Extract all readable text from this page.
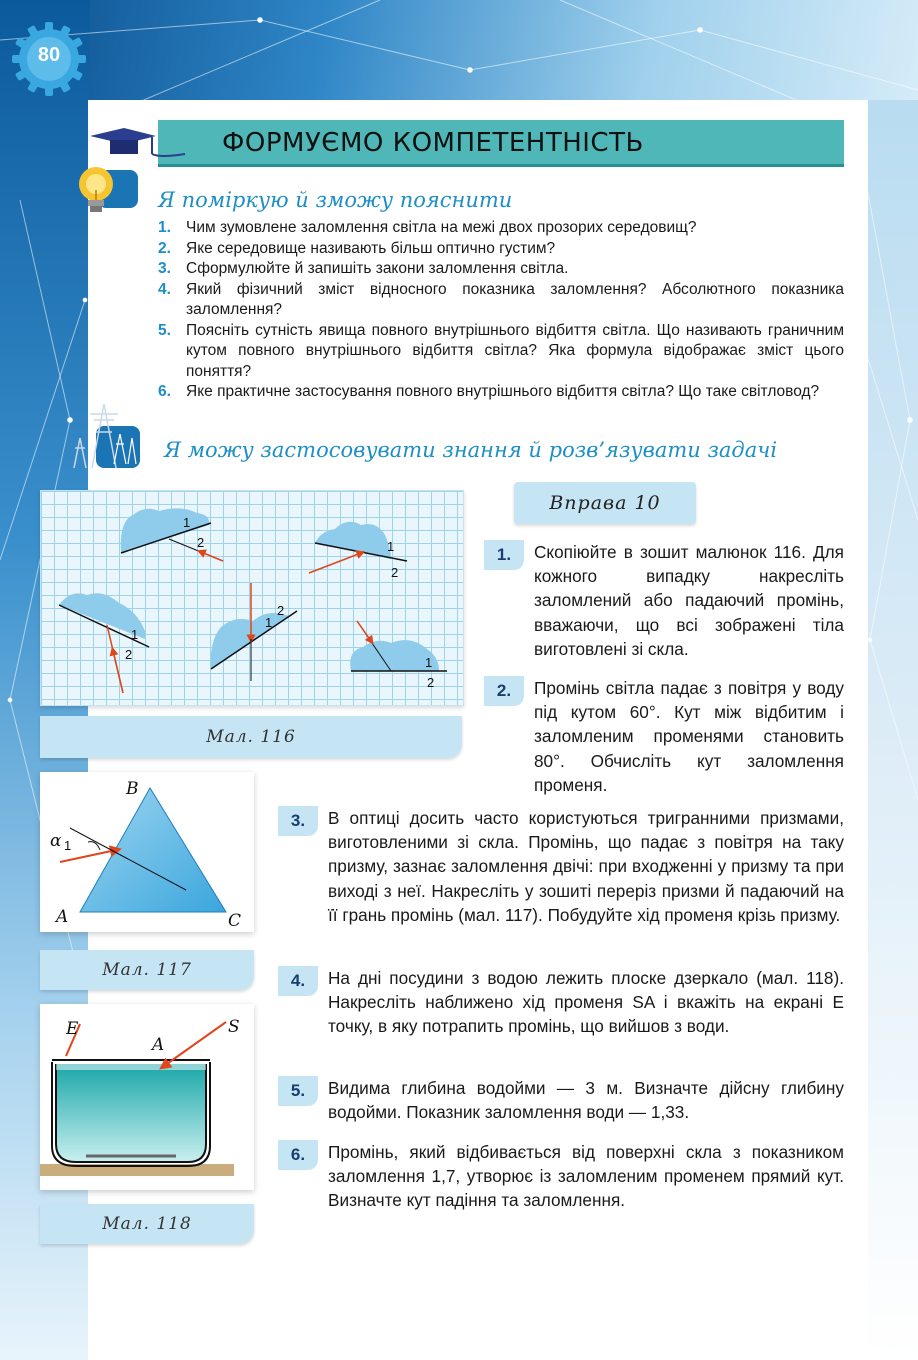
80
ФОРМУЄМО КОМПЕТЕНТНІСТЬ
Я поміркую й зможу пояснити
1. Чим зумовлене заломлення світла на межі двох прозорих середовищ?
2. Яке середовище називають більш оптично густим?
3. Сформулюйте й запишіть закони заломлення світла.
4. Який фізичний зміст відносного показника заломлення? Абсолютного показника заломлення?
5. Поясніть сутність явища повного внутрішнього відбиття світла. Що називають граничним кутом повного внутрішнього відбиття світла? Яка формула відображає зміст цього поняття?
6. Яке практичне застосування повного внутрішнього відбиття світла? Що таке світловод?
Я можу застосовувати знання й розв’язувати задачі
1
2	1
2
1
2
1
2
1
2
Мал. 116
B
A	C
α 1
Мал. 117
E
A
S
Мал. 118
Вправа 10
1.	Скопіюйте в зошит малюнок 116. Для кожного випадку накресліть заломлений або падаючий промінь, вважаючи, що всі зображені тіла виготовлені зі скла.
2.	Промінь світла падає з повітря у воду під кутом 60°. Кут між відбитим і заломленим променями становить 80°. Обчисліть кут заломлення променя.
3.	В оптиці досить часто користуються тригранними призмами, виготовленими зі скла. Промінь, що падає з повітря на таку призму, зазнає заломлення двічі: при входженні у призму та при виході з неї. Накресліть у зошиті переріз призми й падаючий на її грань промінь (мал. 117). Побудуйте хід променя крізь призму.
4.	На дні посудини з водою лежить плоске дзеркало (мал. 118). Накресліть наближено хід променя SA і вкажіть на екрані E точку, в яку потрапить промінь, що вийшов з води.
5.	Видима глибина водойми — 3 м. Визначте дійсну глибину водойми. Показник заломлення води — 1,33.
6.	Промінь, який відбивається від поверхні скла з показником заломлення 1,7, утворює із заломленим променем прямий кут. Визначте кут падіння та заломлення.
